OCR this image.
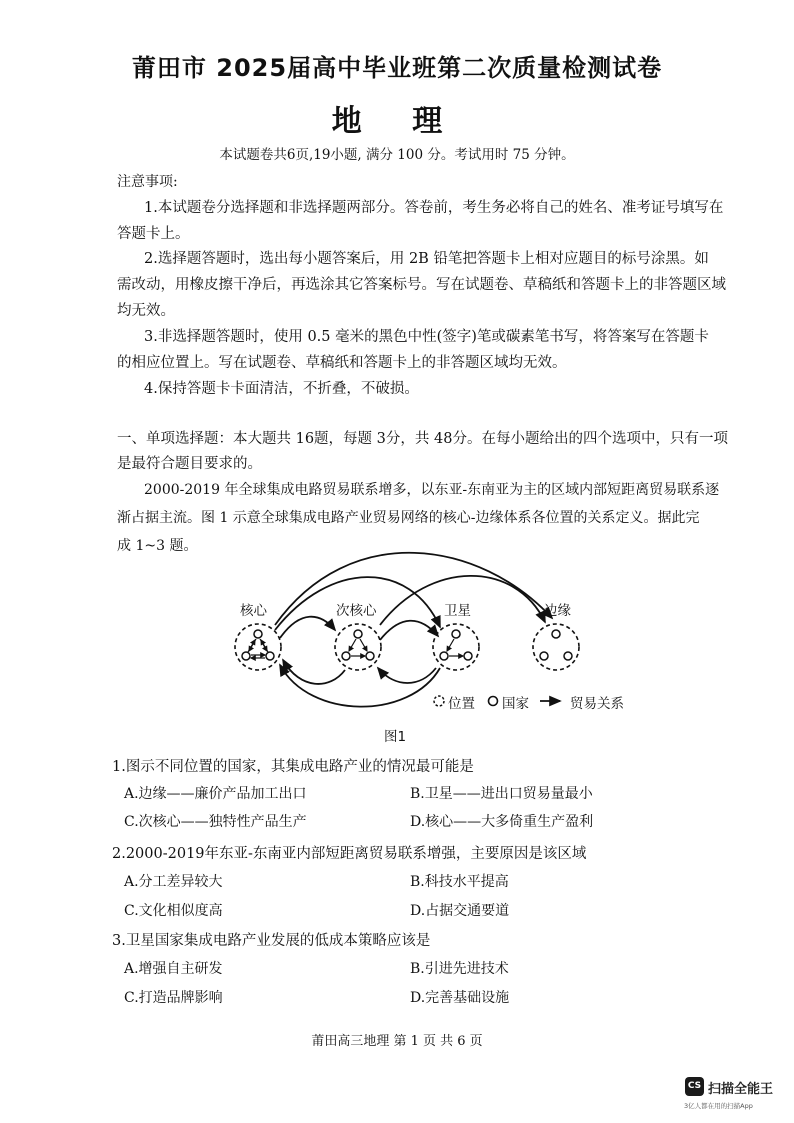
莆田市 2025届高中毕业班第二次质量检测试卷
地 理
本试题卷共6页,19小题, 满分 100 分。考试用时 75 分钟。
注意事项:
1.本试题卷分选择题和非选择题两部分。答卷前，考生务必将自己的姓名、准考证号填写在
答题卡上。
2.选择题答题时，选出每小题答案后，用 2B 铅笔把答题卡上相对应题目的标号涂黑。如
需改动，用橡皮擦干净后，再选涂其它答案标号。写在试题卷、草稿纸和答题卡上的非答题区域
均无效。
3.非选择题答题时，使用 0.5 毫米的黑色中性(签字)笔或碳素笔书写，将答案写在答题卡
的相应位置上。写在试题卷、草稿纸和答题卡上的非答题区域均无效。
4.保持答题卡卡面清洁，不折叠，不破损。
一、单项选择题：本大题共 16题，每题 3分，共 48分。在每小题给出的四个选项中，只有一项
是最符合题目要求的。
2000-2019 年全球集成电路贸易联系增多，以东亚-东南亚为主的区域内部短距离贸易联系逐
渐占据主流。图 1 示意全球集成电路产业贸易网络的核心-边缘体系各位置的关系定义。据此完
成 1~3 题。
核心	次核心	卫星	边缘
位置 国家	贸易关系
图1
1.图示不同位置的国家，其集成电路产业的情况最可能是
A.边缘——廉价产品加工出口	B.卫星——进出口贸易量最小
C.次核心——独特性产品生产	D.核心——大多倚重生产盈利
2.2000-2019年东亚-东南亚内部短距离贸易联系增强，主要原因是该区域
A.分工差异较大	B.科技水平提高
C.文化相似度高	D.占据交通要道
3.卫星国家集成电路产业发展的低成本策略应该是
A.增强自主研发	B.引进先进技术
C.打造品牌影响	D.完善基础设施
莆田高三地理 第 1 页 共 6 页
CS 扫描全能王
3亿人都在用的扫描App
